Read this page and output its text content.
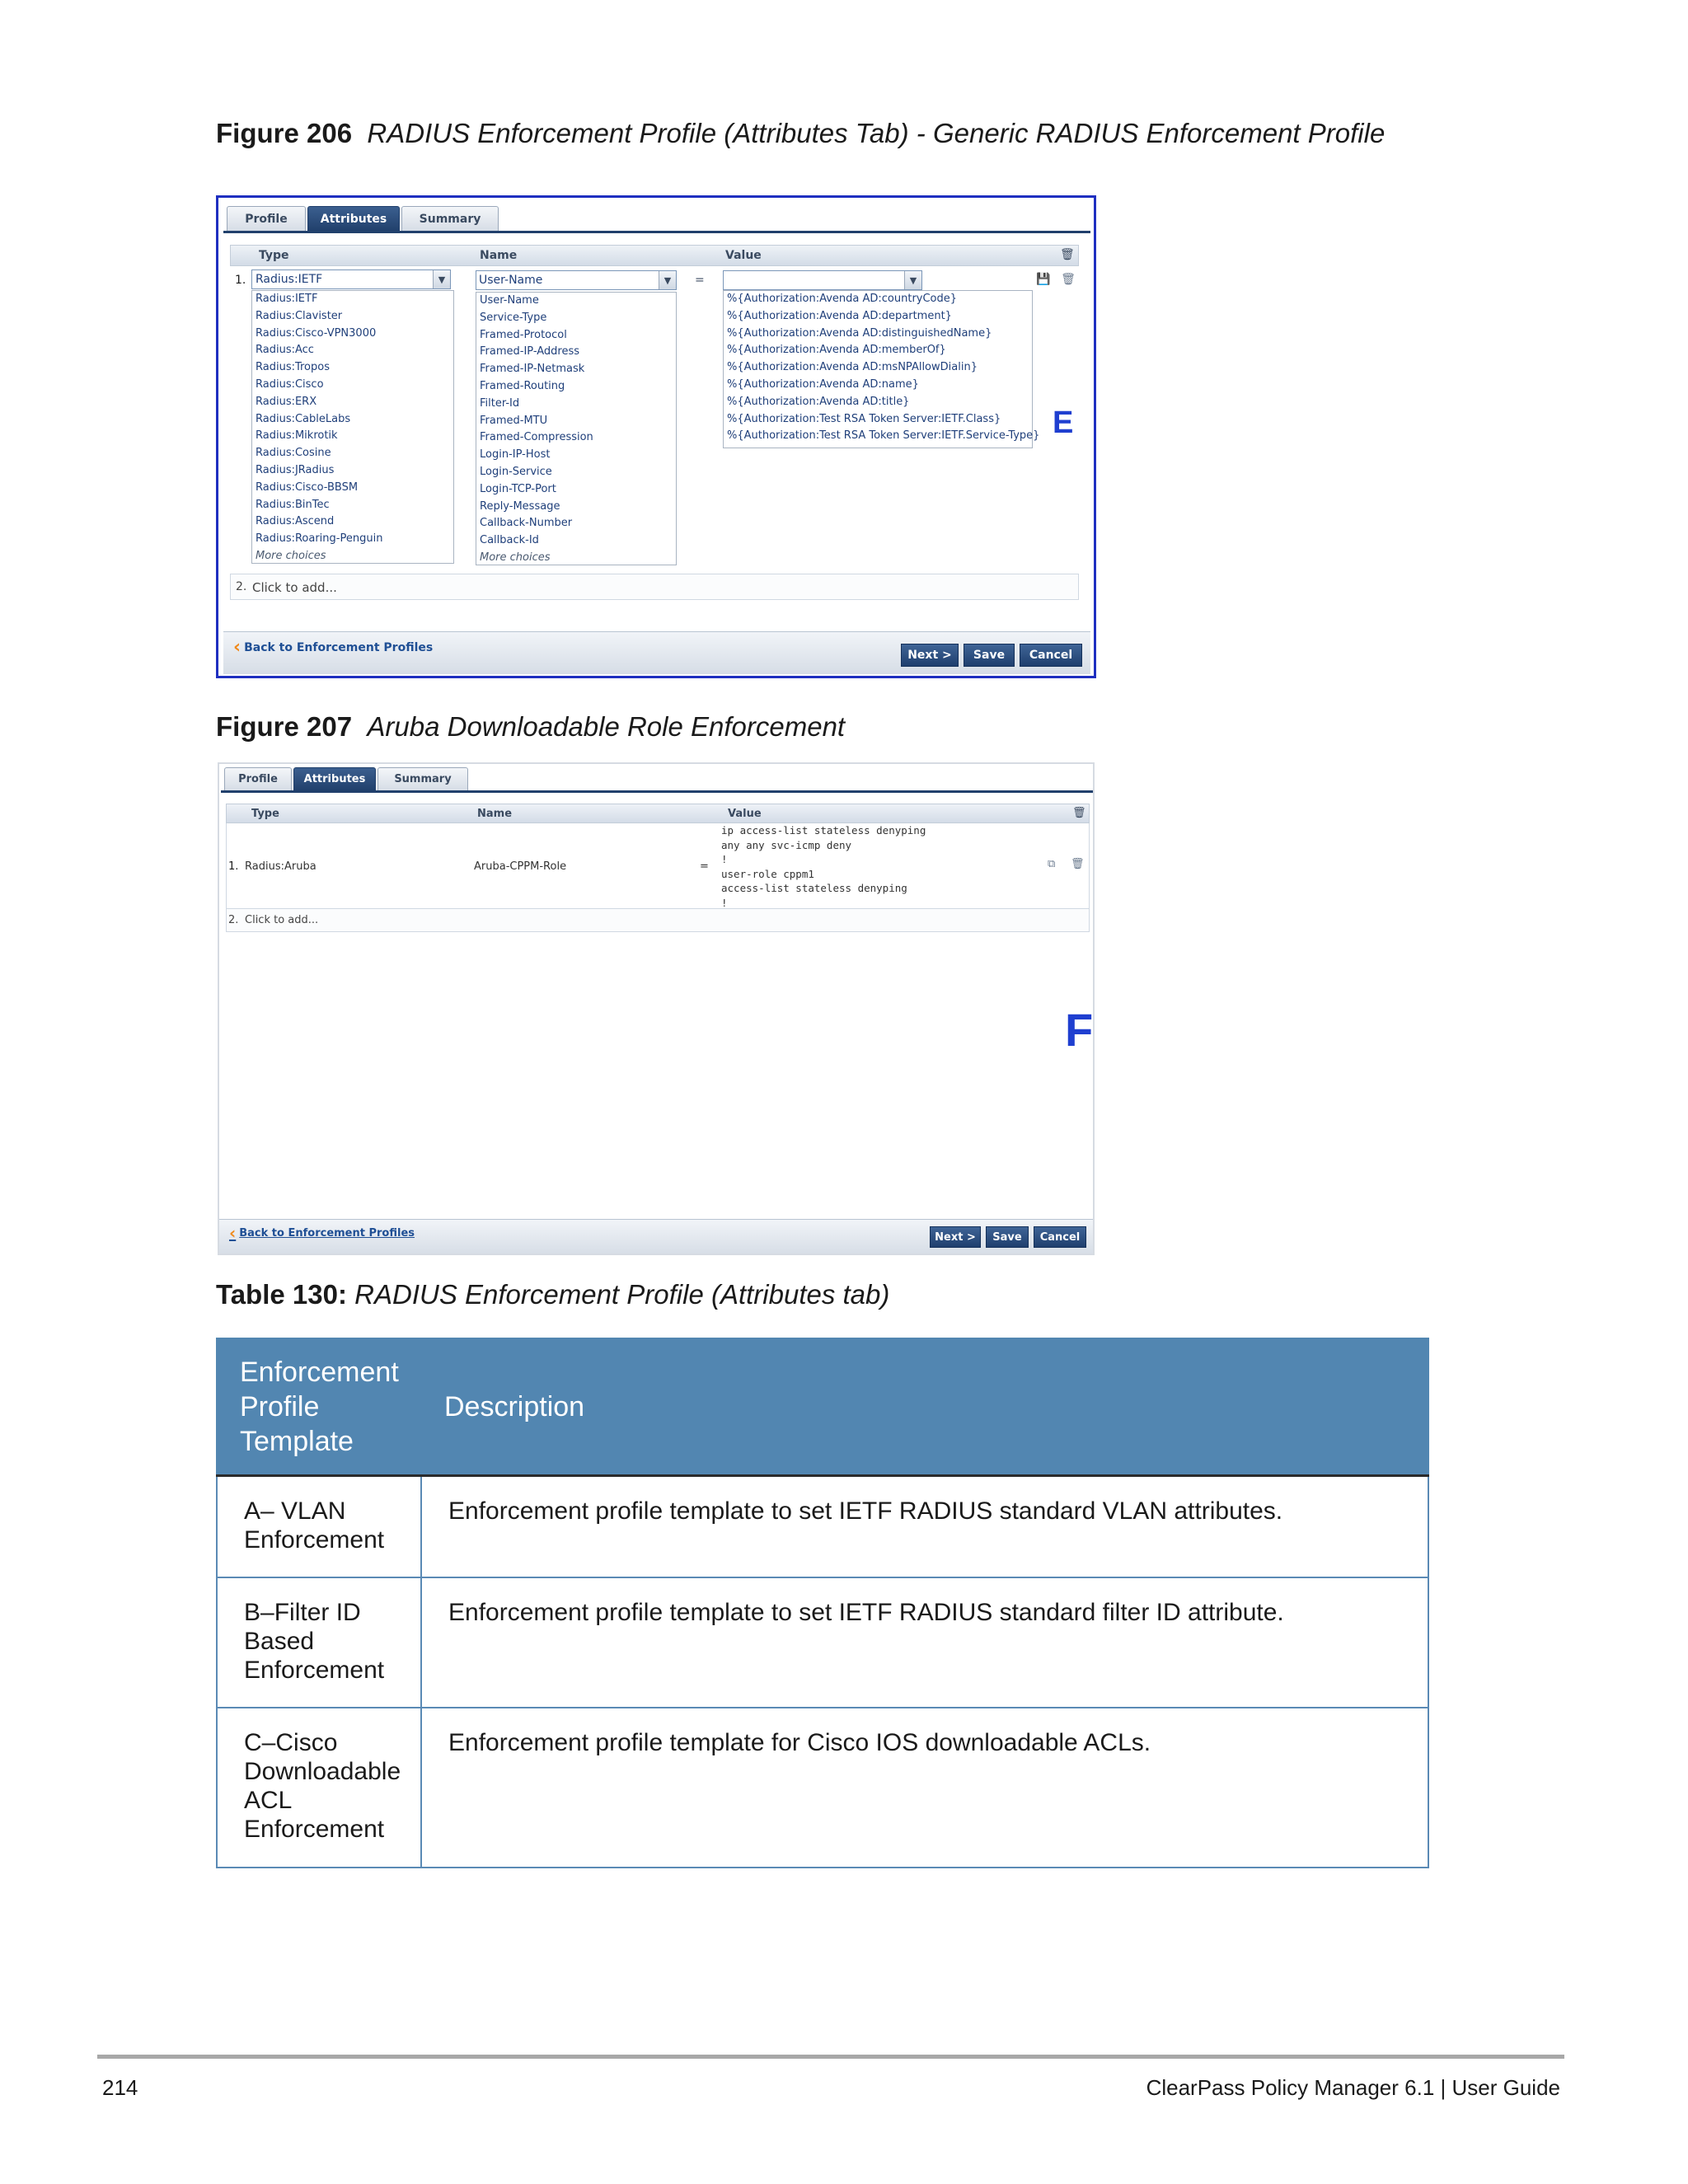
Figure 206 RADIUS Enforcement Profile (Attributes Tab) - Generic RADIUS Enforcement Profile
Profile	Attributes	Summary
Type	Name	Value	🗑
1. Radius:IETF	▼	User-Name	▼	=	▼	💾 🗑
Radius:IETF
Radius:Clavister
Radius:Cisco-VPN3000
Radius:Acc
Radius:Tropos
Radius:Cisco
Radius:ERX
Radius:CableLabs
Radius:Mikrotik
Radius:Cosine
Radius:JRadius
Radius:Cisco-BBSM
Radius:BinTec
Radius:Ascend
Radius:Roaring-Penguin
More choices
User-Name
Service-Type
Framed-Protocol
Framed-IP-Address
Framed-IP-Netmask
Framed-Routing
Filter-Id
Framed-MTU
Framed-Compression
Login-IP-Host
Login-Service
Login-TCP-Port
Reply-Message
Callback-Number
Callback-Id
More choices
%{Authorization:Avenda AD:countryCode}
%{Authorization:Avenda AD:department}
%{Authorization:Avenda AD:distinguishedName}
%{Authorization:Avenda AD:memberOf}
%{Authorization:Avenda AD:msNPAllowDialin}
%{Authorization:Avenda AD:name}
%{Authorization:Avenda AD:title}
%{Authorization:Test RSA Token Server:IETF.Class}
%{Authorization:Test RSA Token Server:IETF.Service-Type} E
2. Click to add...
‹ Back to Enforcement Profiles
Next >	Save	Cancel
Figure 207 Aruba Downloadable Role Enforcement
Profile	Attributes	Summary
Type	Name	Value	🗑
1. Radius:Aruba	Aruba-CPPM-Role	=
ip access-list stateless denyping
any any svc-icmp deny
!
user-role cppm1
access-list stateless denyping
!
⧉ 🗑
2. Click to add...
F
‹ Back to Enforcement Profiles	Next >	Save	Cancel
Table 130: RADIUS Enforcement Profile (Attributes tab)
Enforcement Profile Template	Description
A– VLAN Enforcement	Enforcement profile template to set IETF RADIUS standard VLAN attributes.
B–Filter ID Based Enforcement	Enforcement profile template to set IETF RADIUS standard filter ID attribute.
C–Cisco Downloadable ACL Enforcement	Enforcement profile template for Cisco IOS downloadable ACLs.
214	ClearPass Policy Manager 6.1 | User Guide
